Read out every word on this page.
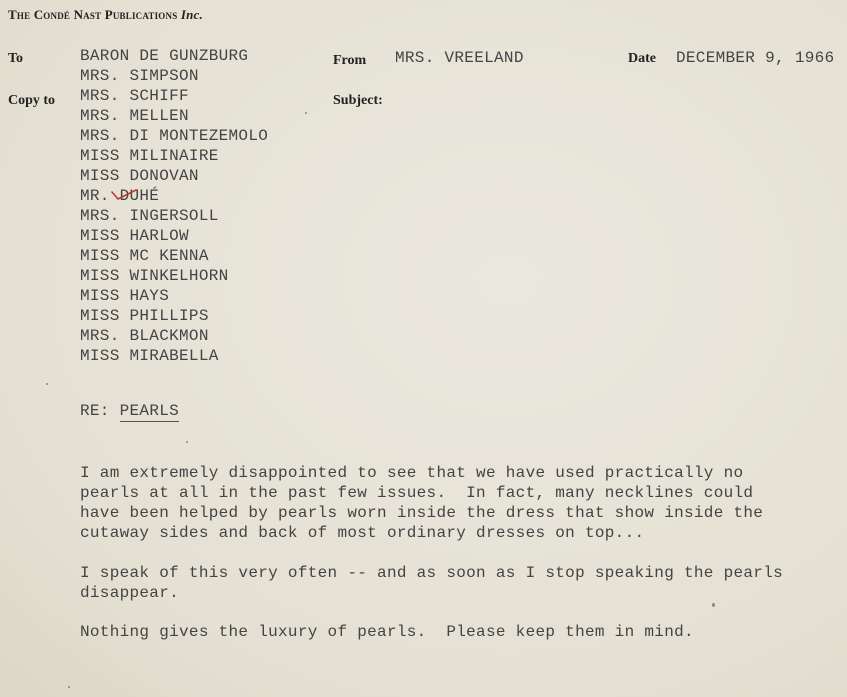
The Condé Nast Publications Inc.
To
Copy to
From
Subject:
Date
MRS. VREELAND	DECEMBER 9, 1966
BARON DE GUNZBURG
MRS. SIMPSON
MRS. SCHIFF
MRS. MELLEN
MRS. DI MONTEZEMOLO
MISS MILINAIRE
MISS DONOVAN
MR. DUHÉ
MRS. INGERSOLL
MISS HARLOW
MISS MC KENNA
MISS WINKELHORN
MISS HAYS
MISS PHILLIPS
MRS. BLACKMON
MISS MIRABELLA
RE: PEARLS

I am extremely disappointed to see that we have used practically no
pearls at all in the past few issues.  In fact, many necklines could
have been helped by pearls worn inside the dress that show inside the
cutaway sides and back of most ordinary dresses on top...

I speak of this very often -- and as soon as I stop speaking the pearls
disappear.

Nothing gives the luxury of pearls.  Please keep them in mind.
